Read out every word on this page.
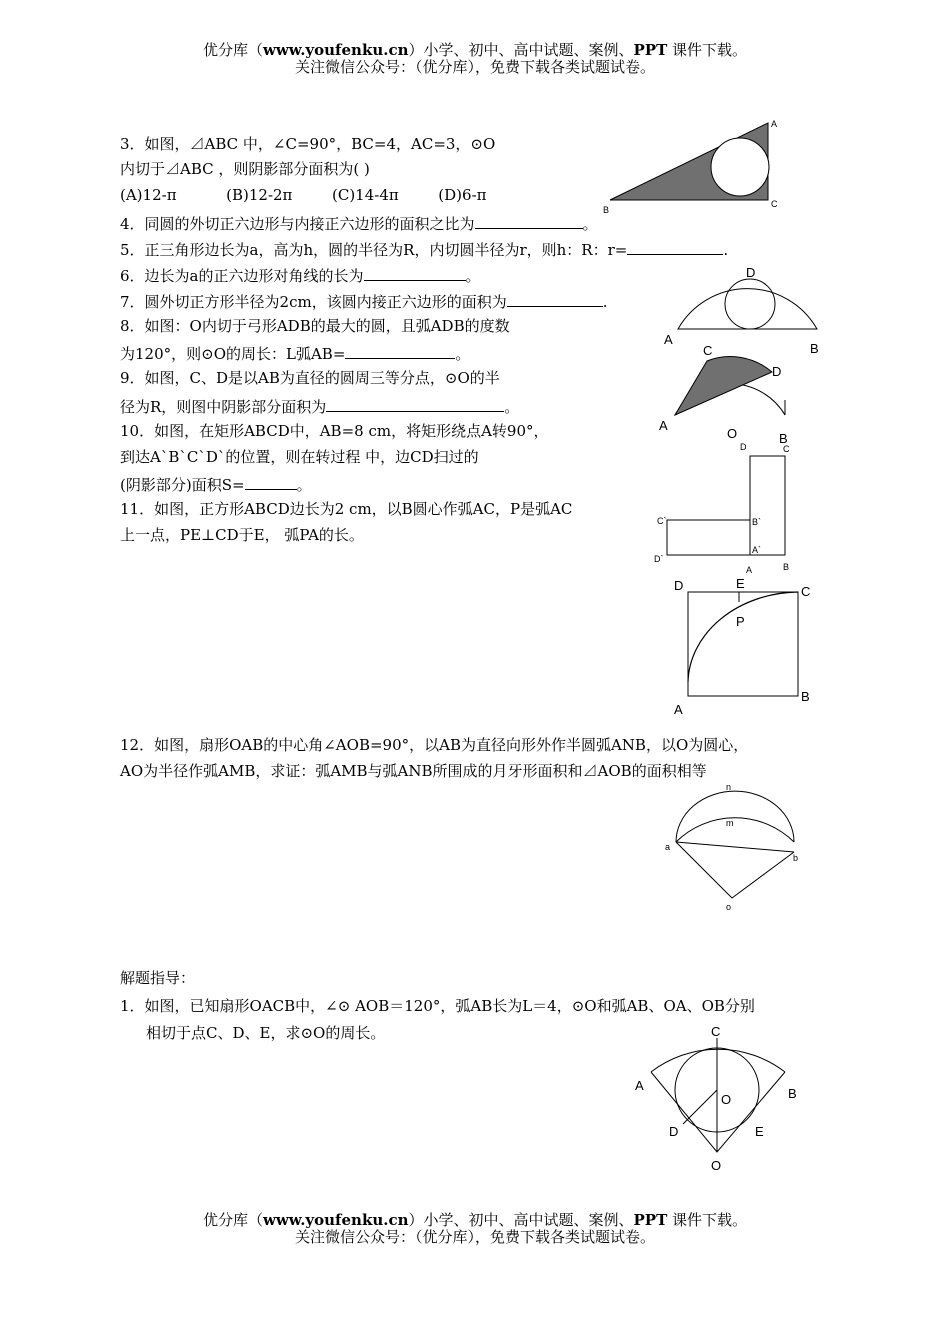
优分库（www.youfenku.cn）小学、初中、高中试题、案例、PPT 课件下载。
关注微信公众号：（优分库），免费下载各类试题试卷。
3．如图，⊿ABC 中，∠C=90°，BC=4，AC=3，⊙O
内切于⊿ABC ，则阴影部分面积为( )
(A)12-π	(B)12-2π	(C)14-4π	(D)6-π
4．同圆的外切正六边形与内接正六边形的面积之比为	。
5．正三角形边长为a，高为h，圆的半径为R，内切圆半径为r，则h：R：r=	.
6．边长为a的正六边形对角线的长为	。
7．圆外切正方形半径为2cm，该圆内接正六边形的面积为	.
8．如图：O内切于弓形ADB的最大的圆，且弧ADB的度数
为120°，则⊙O的周长：L弧AB=	。
9．如图，C、D是以AB为直径的圆周三等分点，⊙O的半
径为R，则图中阴影部分面积为	。
10．如图，在矩形ABCD中，AB=8 cm，将矩形绕点A转90°，
到达A`B`C`D`的位置，则在转过程 中，边CD扫过的
(阴影部分)面积S=	。
11．如图，正方形ABCD边长为2 cm，以B圆心作弧AC，P是弧AC
上一点，PE⊥CD于E， 弧PA的长。
12．如图，扇形OAB的中心角∠AOB=90°，以AB为直径向形外作半圆弧ANB，以O为圆心，
AO为半径作弧AMB，求证：弧AMB与弧ANB所围成的月牙形面积和⊿AOB的面积相等
解题指导：
1．如图，已知扇形OACB中，∠⊙ AOB＝120°，弧AB长为L＝4，⊙O和弧AB、OA、OB分别
相切于点C、D、E，求⊙O的周长。
A
B
C
D
A
B
C
D
A
O	B
D	C
C`	B`
D`
A`
A	B
D	E
C
P
B
A
n
m
a
b
o
C
A
B
O
D	E
O
优分库（www.youfenku.cn）小学、初中、高中试题、案例、PPT 课件下载。
关注微信公众号：（优分库），免费下载各类试题试卷。
